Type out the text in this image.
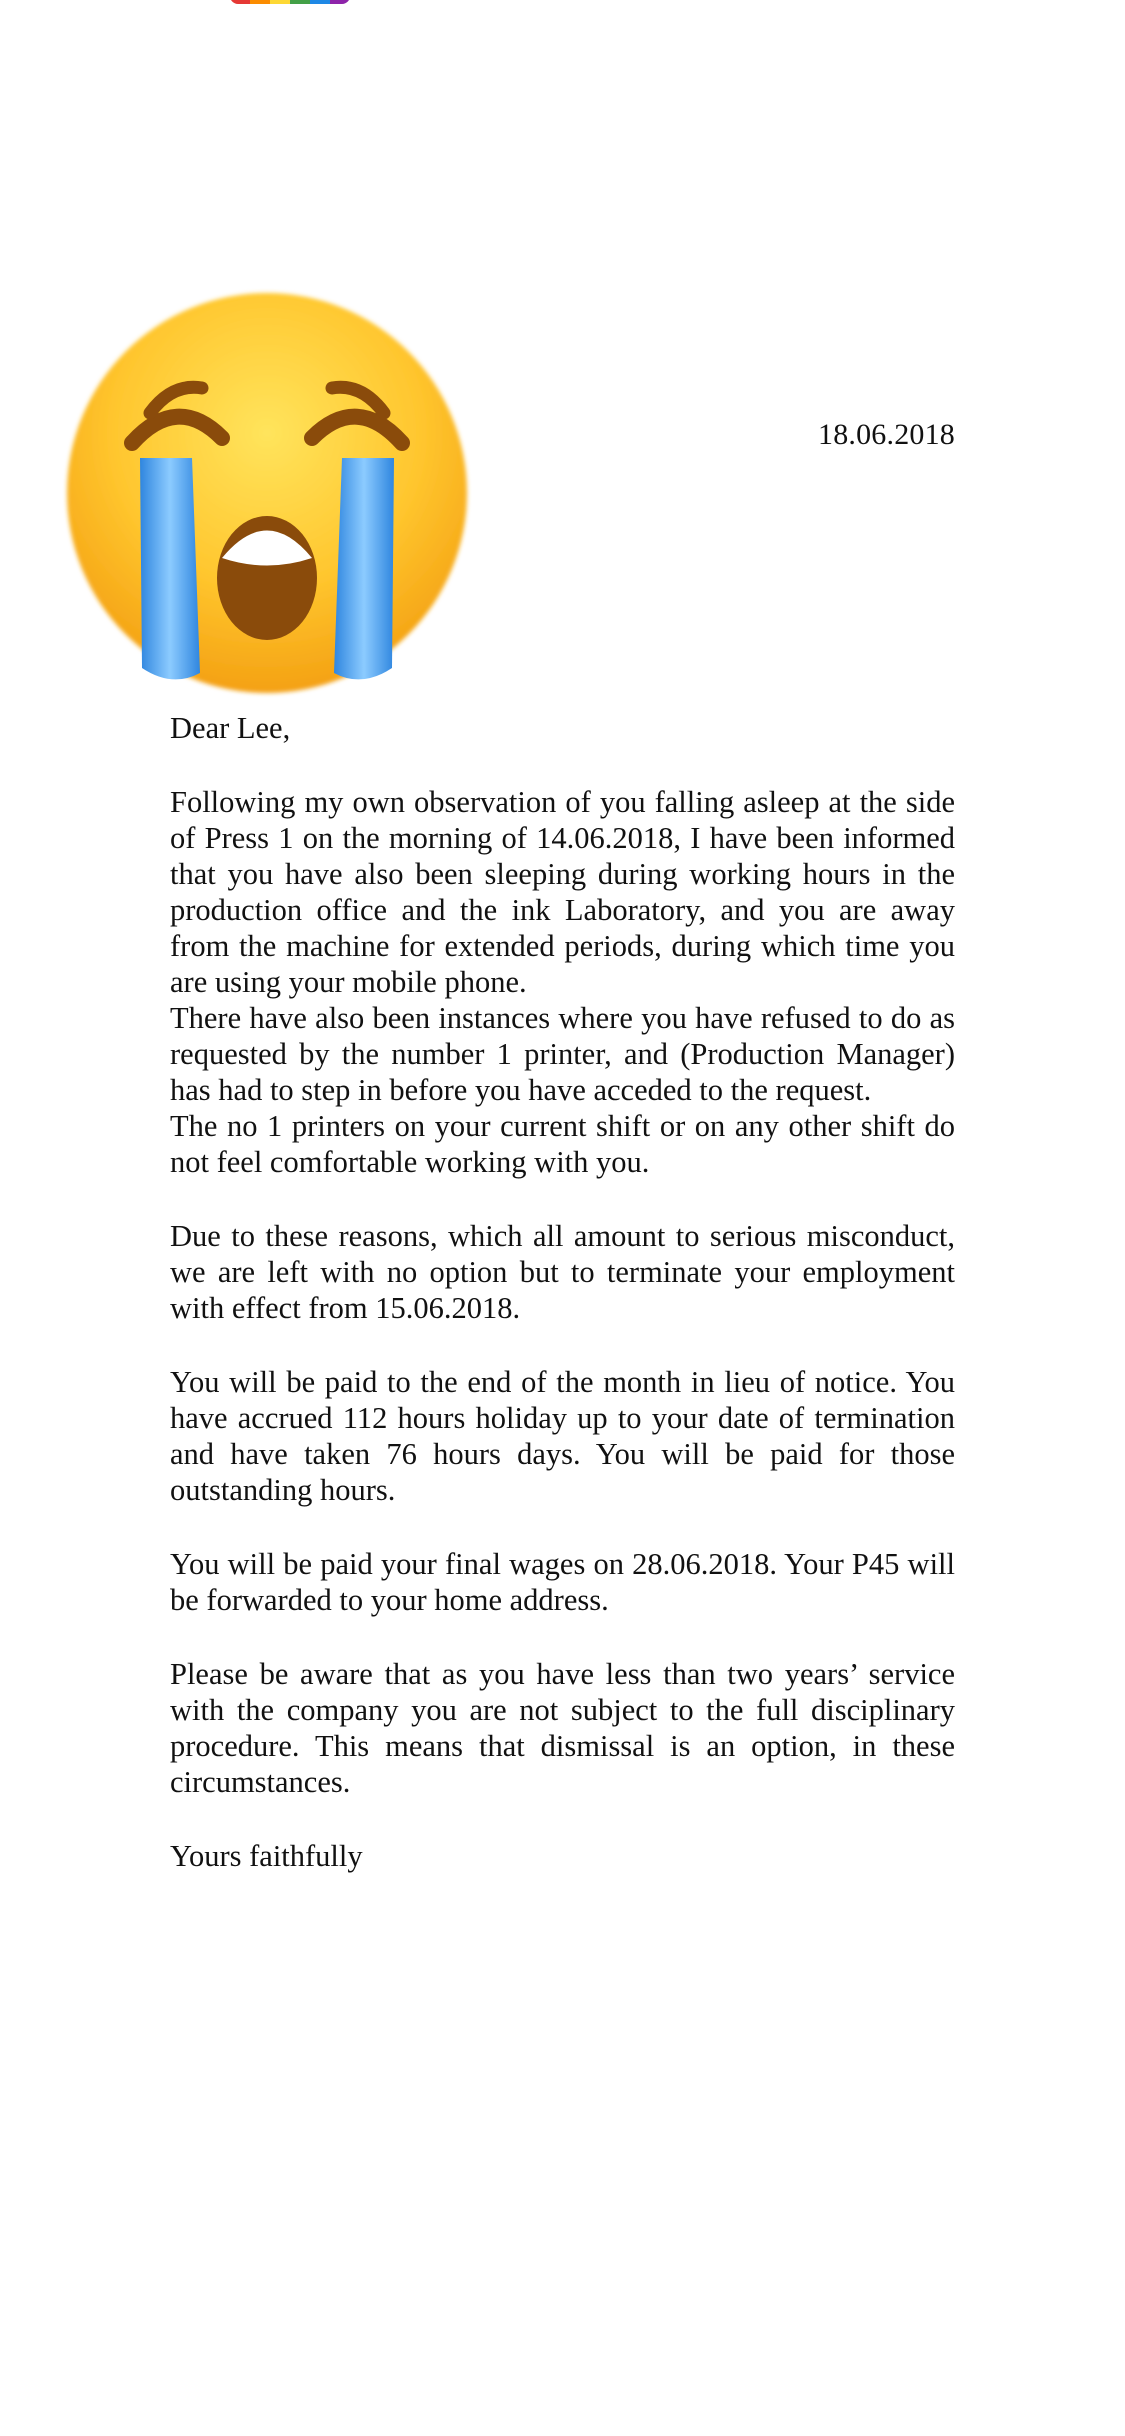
18.06.2018

Dear Lee,

Following my own observation of you falling asleep at the side of Press 1 on the morning of 14.06.2018, I have been informed that you have also been sleeping during working hours in the production office and the ink Laboratory, and you are away from the machine for extended periods, during which time you are using your mobile phone.

There have also been instances where you have refused to do as requested by the number 1 printer, and (Production Manager) has had to step in before you have acceded to the request.

The no 1 printers on your current shift or on any other shift do not feel comfortable working with you.

Due to these reasons, which all amount to serious misconduct, we are left with no option but to terminate your employment with effect from 15.06.2018.

You will be paid to the end of the month in lieu of notice. You have accrued 112 hours holiday up to your date of termination and have taken 76 hours days. You will be paid for those outstanding hours.

You will be paid your final wages on 28.06.2018. Your P45 will be forwarded to your home address.

Please be aware that as you have less than two years’ service with the company you are not subject to the full disciplinary procedure. This means that dismissal is an option, in these circumstances.

Yours faithfully
